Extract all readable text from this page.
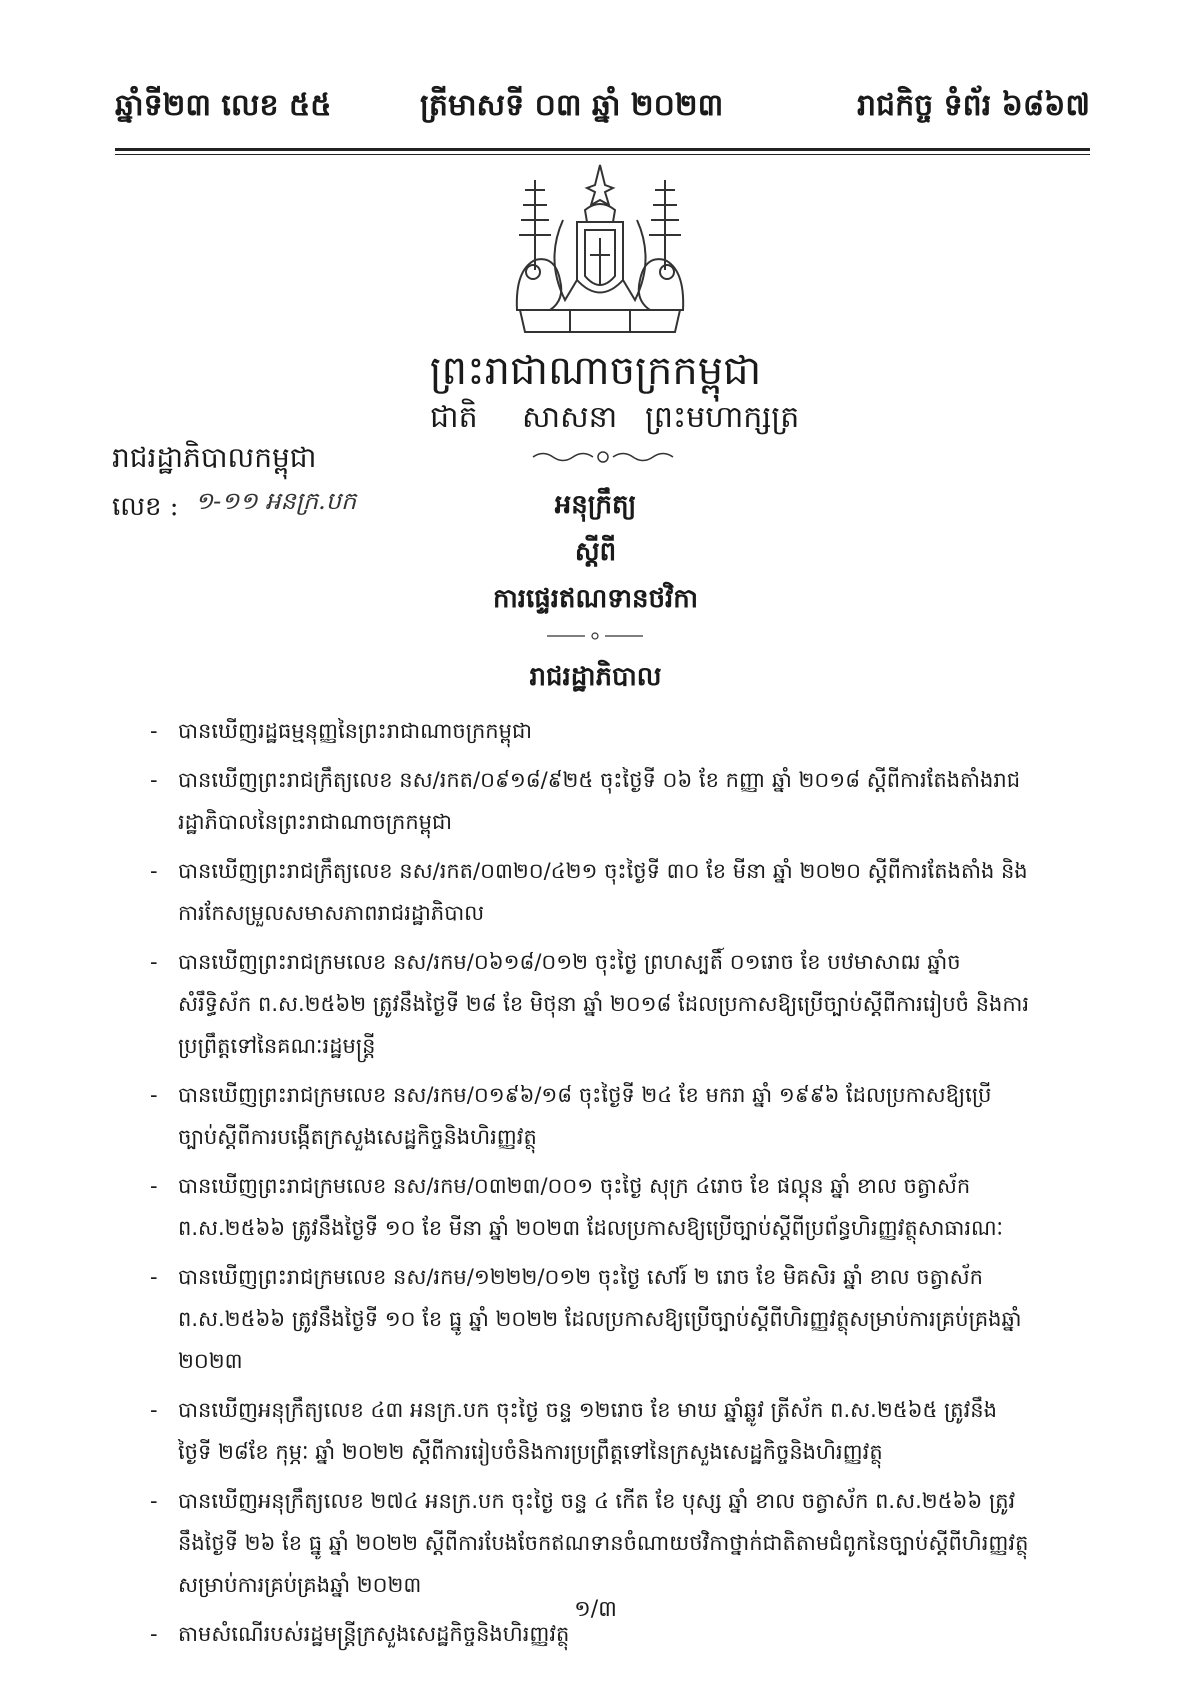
ឆ្នាំទី២៣ លេខ ៥៥	ត្រីមាសទី ០៣ ឆ្នាំ ២០២៣	រាជកិច្ច ទំព័រ ៦៨៦៧
ព្រះរាជាណាចក្រកម្ពុជា
ជាតិ សាសនា ព្រះមហាក្សត្រ
រាជរដ្ឋាភិបាលកម្ពុជា
លេខ : ១-១១ អនក្រ.បក	អនុក្រឹត្យ
ស្តីពី
ការផ្ទេរឥណទានថវិកា
រាជរដ្ឋាភិបាល
- បានឃើញរដ្ឋធម្មនុញ្ញនៃព្រះរាជាណាចក្រកម្ពុជា
- បានឃើញព្រះរាជក្រឹត្យលេខ នស/រកត/០៩១៨/៩២៥ ចុះថ្ងៃទី ០៦ ខែ កញ្ញា ឆ្នាំ ២០១៨ ស្តីពីការតែងតាំងរាជរដ្ឋាភិបាលនៃព្រះរាជាណាចក្រកម្ពុជា
- បានឃើញព្រះរាជក្រឹត្យលេខ នស/រកត/០៣២០/៤២១ ចុះថ្ងៃទី ៣០ ខែ មីនា ឆ្នាំ ២០២០ ស្តីពីការតែងតាំង និងការកែសម្រួលសមាសភាពរាជរដ្ឋាភិបាល
- បានឃើញព្រះរាជក្រមលេខ នស/រកម/០៦១៨/០១២ ចុះថ្ងៃ ព្រហស្បតិ៍ ០១រោច ខែ បឋមាសាឍ ឆ្នាំច សំរឹទ្ធិស័ក ព.ស.២៥៦២ ត្រូវនឹងថ្ងៃទី ២៨ ខែ មិថុនា ឆ្នាំ ២០១៨ ដែលប្រកាសឱ្យប្រើច្បាប់ស្តីពីការរៀបចំ និងការប្រព្រឹត្តទៅនៃគណៈរដ្ឋមន្ត្រី
- បានឃើញព្រះរាជក្រមលេខ នស/រកម/០១៩៦/១៨ ចុះថ្ងៃទី ២៤ ខែ មករា ឆ្នាំ ១៩៩៦ ដែលប្រកាសឱ្យប្រើច្បាប់ស្តីពីការបង្កើតក្រសួងសេដ្ឋកិច្ចនិងហិរញ្ញវត្ថុ
- បានឃើញព្រះរាជក្រមលេខ នស/រកម/០៣២៣/០០១ ចុះថ្ងៃ សុក្រ ៤រោច ខែ ផល្គុន ឆ្នាំ ខាល ចត្វាស័ក ព.ស.២៥៦៦ ត្រូវនឹងថ្ងៃទី ១០ ខែ មីនា ឆ្នាំ ២០២៣ ដែលប្រកាសឱ្យប្រើច្បាប់ស្តីពីប្រព័ន្ធហិរញ្ញវត្ថុសាធារណៈ
- បានឃើញព្រះរាជក្រមលេខ នស/រកម/១២២២/០១២ ចុះថ្ងៃ សៅរ៍ ២ រោច ខែ មិគសិរ ឆ្នាំ ខាល ចត្វាស័ក ព.ស.២៥៦៦ ត្រូវនឹងថ្ងៃទី ១០ ខែ ធ្នូ ឆ្នាំ ២០២២ ដែលប្រកាសឱ្យប្រើច្បាប់ស្តីពីហិរញ្ញវត្ថុសម្រាប់ការគ្រប់គ្រងឆ្នាំ ២០២៣
- បានឃើញអនុក្រឹត្យលេខ ៤៣ អនក្រ.បក ចុះថ្ងៃ ចន្ទ ១២រោច ខែ មាឃ ឆ្នាំឆ្លូវ ត្រីស័ក ព.ស.២៥៦៥ ត្រូវនឹងថ្ងៃទី ២៨ខែ កុម្ភៈ ឆ្នាំ ២០២២ ស្តីពីការរៀបចំនិងការប្រព្រឹត្តទៅនៃក្រសួងសេដ្ឋកិច្ចនិងហិរញ្ញវត្ថុ
- បានឃើញអនុក្រឹត្យលេខ ២៧៤ អនក្រ.បក ចុះថ្ងៃ ចន្ទ ៤ កើត ខែ បុស្ស ឆ្នាំ ខាល ចត្វាស័ក ព.ស.២៥៦៦ ត្រូវនឹងថ្ងៃទី ២៦ ខែ ធ្នូ ឆ្នាំ ២០២២ ស្តីពីការបែងចែកឥណទានចំណាយថវិកាថ្នាក់ជាតិតាមជំពូកនៃច្បាប់ស្តីពីហិរញ្ញវត្ថុសម្រាប់ការគ្រប់គ្រងឆ្នាំ ២០២៣
- តាមសំណើរបស់រដ្ឋមន្ត្រីក្រសួងសេដ្ឋកិច្ចនិងហិរញ្ញវត្ថុ
១/៣
